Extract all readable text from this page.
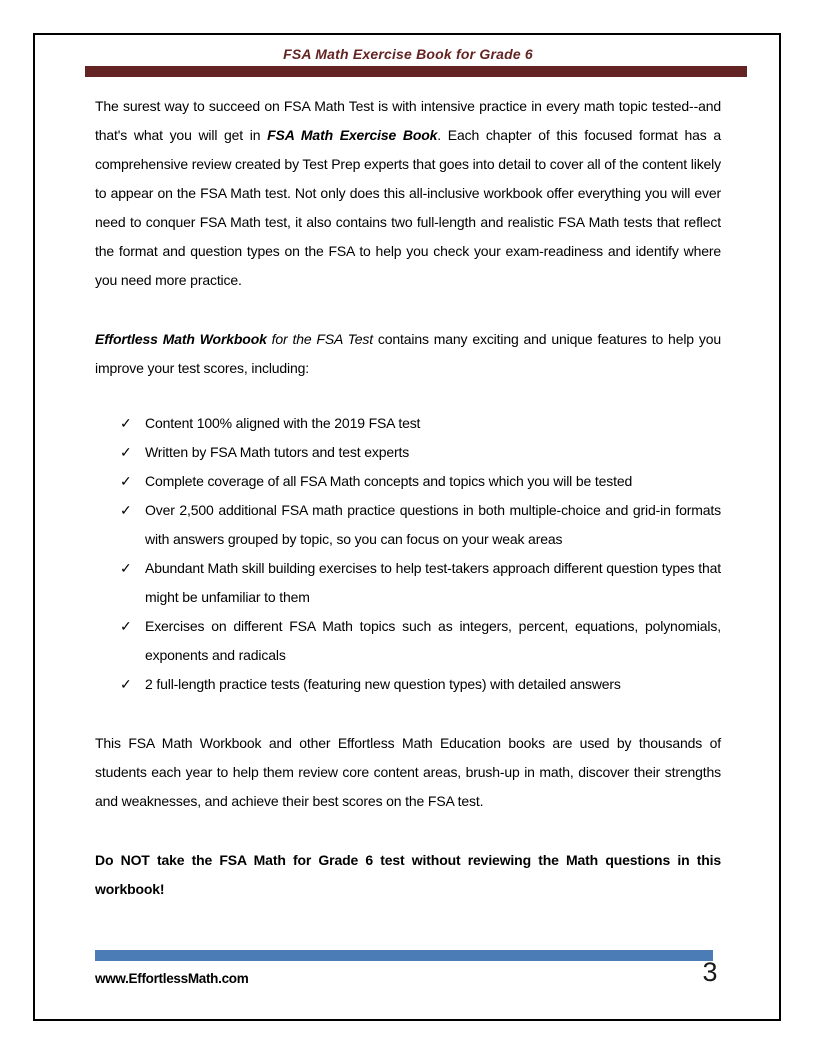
FSA Math Exercise Book for Grade 6

The surest way to succeed on FSA Math Test is with intensive practice in every math topic tested--and that's what you will get in FSA Math Exercise Book. Each chapter of this focused format has a comprehensive review created by Test Prep experts that goes into detail to cover all of the content likely to appear on the FSA Math test. Not only does this all-inclusive workbook offer everything you will ever need to conquer FSA Math test, it also contains two full-length and realistic FSA Math tests that reflect the format and question types on the FSA to help you check your exam-readiness and identify where you need more practice.

Effortless Math Workbook for the FSA Test contains many exciting and unique features to help you improve your test scores, including:

✓ Content 100% aligned with the 2019 FSA test
✓ Written by FSA Math tutors and test experts
✓ Complete coverage of all FSA Math concepts and topics which you will be tested
✓ Over 2,500 additional FSA math practice questions in both multiple-choice and grid-in formats with answers grouped by topic, so you can focus on your weak areas
✓ Abundant Math skill building exercises to help test-takers approach different question types that might be unfamiliar to them
✓ Exercises on different FSA Math topics such as integers, percent, equations, polynomials, exponents and radicals
✓ 2 full-length practice tests (featuring new question types) with detailed answers

This FSA Math Workbook and other Effortless Math Education books are used by thousands of students each year to help them review core content areas, brush-up in math, discover their strengths and weaknesses, and achieve their best scores on the FSA test.

Do NOT take the FSA Math for Grade 6 test without reviewing the Math questions in this workbook!

www.EffortlessMath.com	3
